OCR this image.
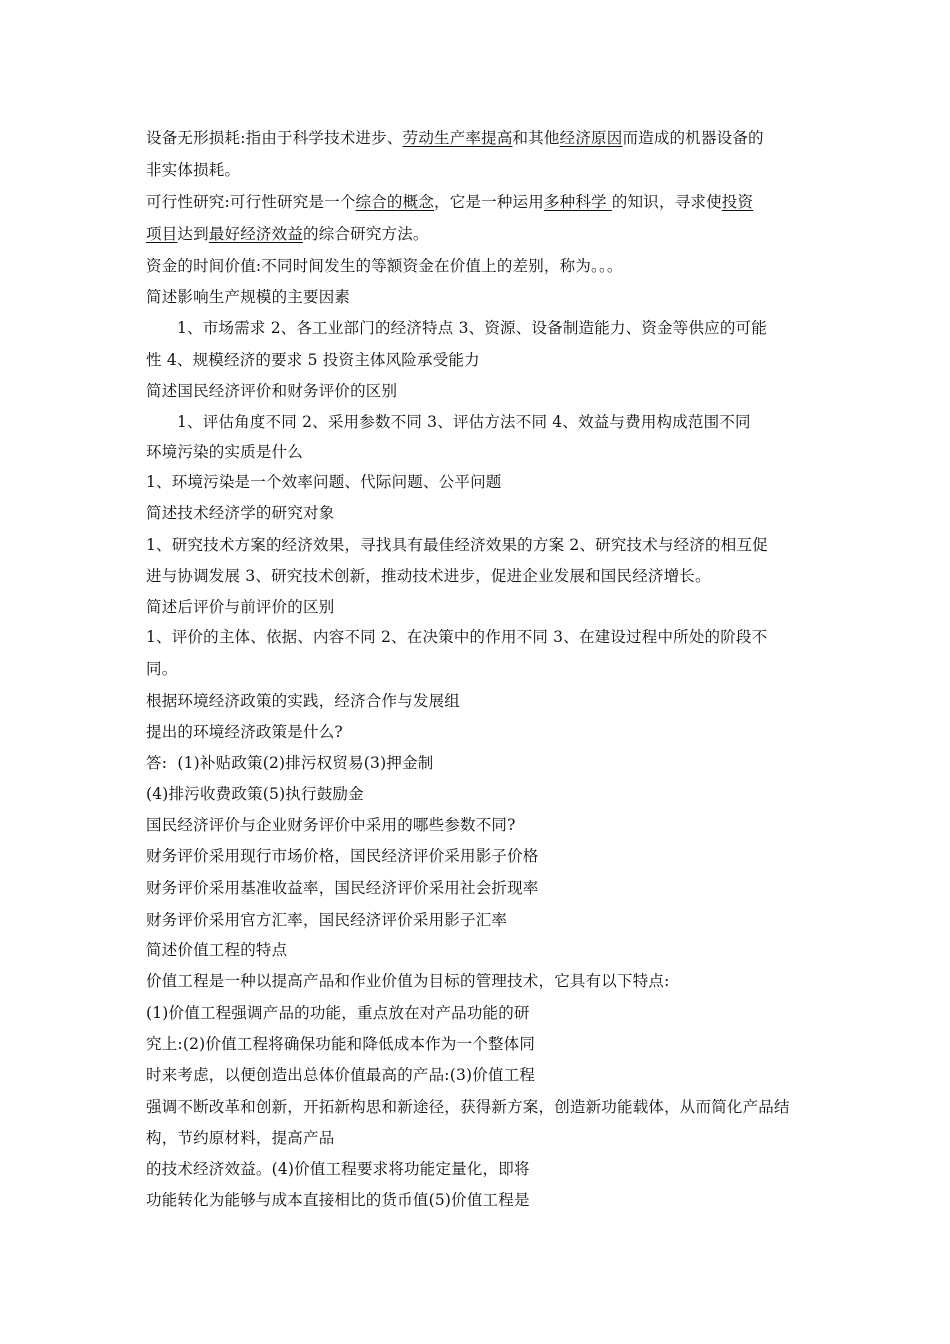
设备无形损耗:指由于科学技术进步、劳动生产率提高和其他经济原因而造成的机器设备的
非实体损耗。
可行性研究:可行性研究是一个综合的概念，它是一种运用多种科学 的知识，寻求使投资
项目达到最好经济效益的综合研究方法。
资金的时间价值:不同时间发生的等额资金在价值上的差别，称为。。。
简述影响生产规模的主要因素
1、市场需求 2、各工业部门的经济特点 3、资源、设备制造能力、资金等供应的可能
性 4、规模经济的要求 5 投资主体风险承受能力
简述国民经济评价和财务评价的区别
1、评估角度不同 2、采用参数不同 3、评估方法不同 4、效益与费用构成范围不同
环境污染的实质是什么
1、环境污染是一个效率问题、代际问题、公平问题
简述技术经济学的研究对象
1、研究技术方案的经济效果，寻找具有最佳经济效果的方案 2、研究技术与经济的相互促
进与协调发展 3、研究技术创新，推动技术进步，促进企业发展和国民经济增长。
简述后评价与前评价的区别
1、评价的主体、依据、内容不同 2、在决策中的作用不同 3、在建设过程中所处的阶段不
同。
根据环境经济政策的实践，经济合作与发展组
提出的环境经济政策是什么?
答:  (1)补贴政策(2)排污权贸易(3)押金制
(4)排污收费政策(5)执行鼓励金
国民经济评价与企业财务评价中采用的哪些参数不同?
财务评价采用现行市场价格，国民经济评价采用影子价格
财务评价采用基准收益率，国民经济评价采用社会折现率
财务评价采用官方汇率，国民经济评价采用影子汇率
简述价值工程的特点
价值工程是一种以提高产品和作业价值为目标的管理技术，它具有以下特点:
(1)价值工程强调产品的功能，重点放在对产品功能的研
究上:(2)价值工程将确保功能和降低成本作为一个整体同
时来考虑，以便创造出总体价值最高的产品:(3)价值工程
强调不断改革和创新，开拓新构思和新途径，获得新方案，创造新功能载体，从而简化产品结
构，节约原材料，提高产品
的技术经济效益。(4)价值工程要求将功能定量化，即将
功能转化为能够与成本直接相比的货币值(5)价值工程是
